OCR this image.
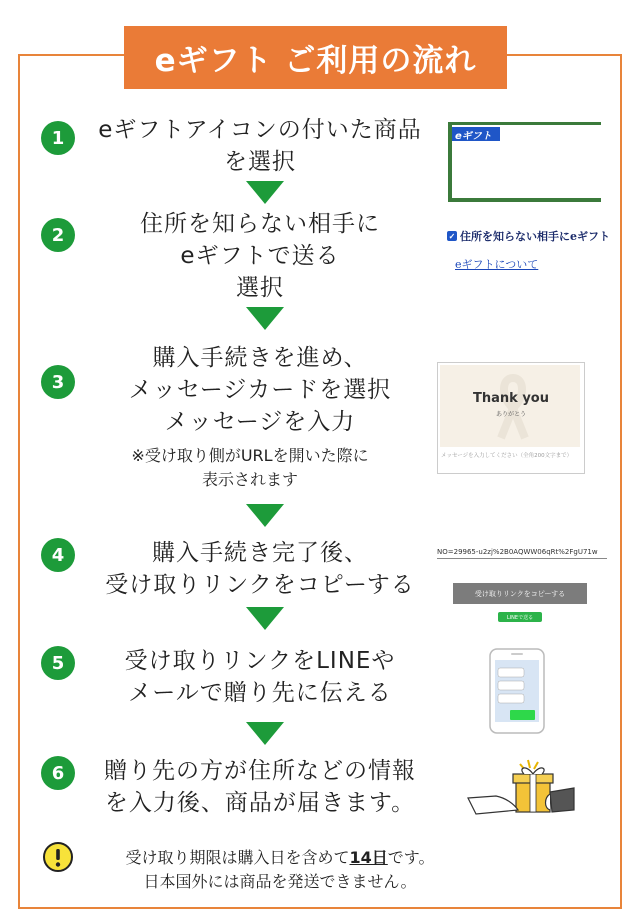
eギフト ご利用の流れ
1	eギフトアイコンの付いた商品
を選択
eギフト
2	住所を知らない相手に
eギフトで送る
選択
✓ 住所を知らない相手にeギフト
eギフトについて
3
購入手続きを進め、
メッセージカードを選択
メッセージを入力
※受け取り側がURLを開いた際に
表示されます
Thank you
ありがとう
メッセージを入力してください（全角200文字まで）
4	購入手続き完了後、
受け取りリンクをコピーする
NO=29965-u2zj%2B0AQWW06qRt%2FgU71w
受け取りリンクをコピーする
LINEで送る
5	受け取りリンクをLINEや
メールで贈り先に伝える
6	贈り先の方が住所などの情報
を入力後、商品が届きます。
受け取り期限は購入日を含めて14日です。
日本国外には商品を発送できません。
